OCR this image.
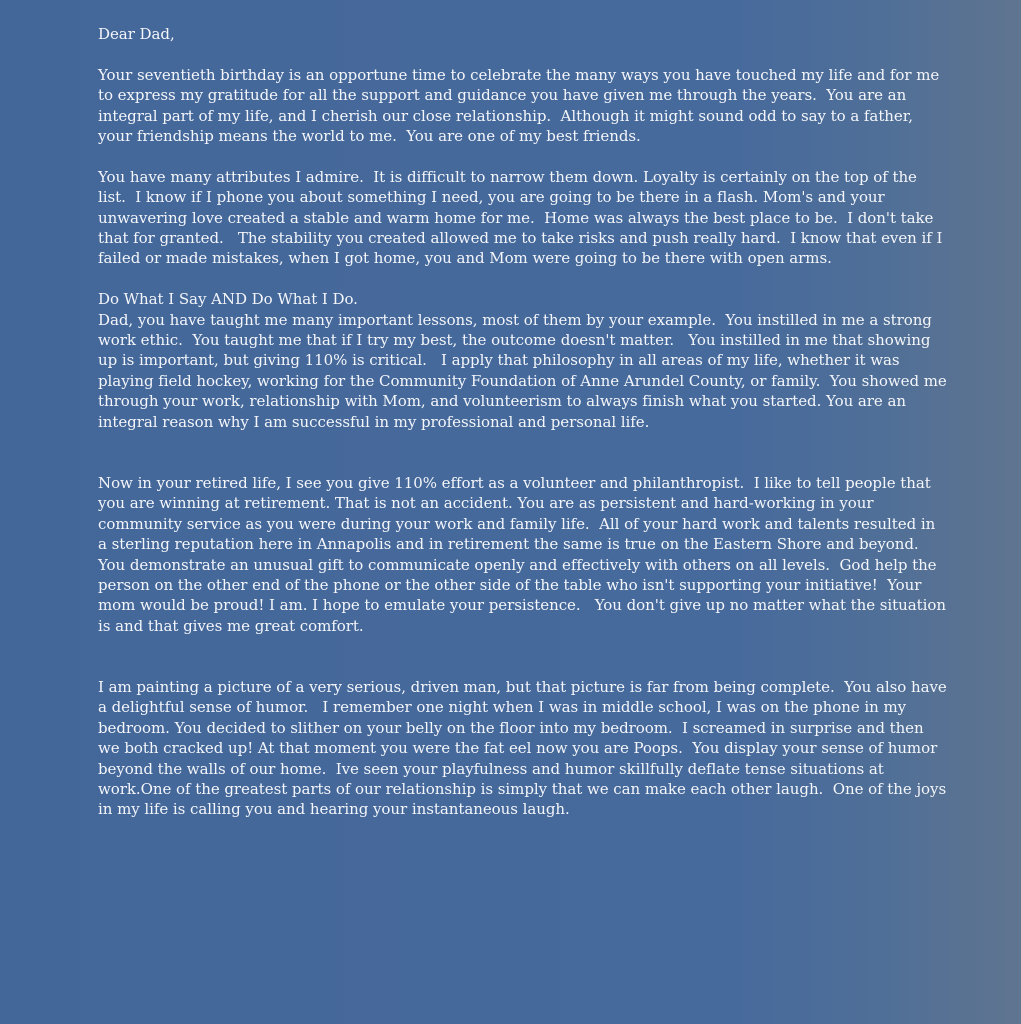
Dear Dad,

Your seventieth birthday is an opportune time to celebrate the many ways you have touched my life and for me to express my gratitude for all the support and guidance you have given me through the years.  You are an integral part of my life, and I cherish our close relationship.  Although it might sound odd to say to a father, your friendship means the world to me.  You are one of my best friends.

You have many attributes I admire.  It is difficult to narrow them down. Loyalty is certainly on the top of the list.  I know if I phone you about something I need, you are going to be there in a flash. Mom's and your unwavering love created a stable and warm home for me.  Home was always the best place to be.  I don't take that for granted.   The stability you created allowed me to take risks and push really hard.  I know that even if I failed or made mistakes, when I got home, you and Mom were going to be there with open arms.

Do What I Say AND Do What I Do.

Dad, you have taught me many important lessons, most of them by your example.  You instilled in me a strong work ethic.  You taught me that if I try my best, the outcome doesn't matter.   You instilled in me that showing up is important, but giving 110% is critical.   I apply that philosophy in all areas of my life, whether it was playing field hockey, working for the Community Foundation of Anne Arundel County, or family.  You showed me through your work, relationship with Mom, and volunteerism to always finish what you started. You are an integral reason why I am successful in my professional and personal life.

Now in your retired life, I see you give 110% effort as a volunteer and philanthropist.  I like to tell people that you are winning at retirement. That is not an accident. You are as persistent and hard-working in your community service as you were during your work and family life.  All of your hard work and talents resulted in a sterling reputation here in Annapolis and in retirement the same is true on the Eastern Shore and beyond. You demonstrate an unusual gift to communicate openly and effectively with others on all levels.  God help the person on the other end of the phone or the other side of the table who isn't supporting your initiative!  Your mom would be proud! I am. I hope to emulate your persistence.   You don't give up no matter what the situation is and that gives me great comfort.

I am painting a picture of a very serious, driven man, but that picture is far from being complete.  You also have a delightful sense of humor.   I remember one night when I was in middle school, I was on the phone in my bedroom. You decided to slither on your belly on the floor into my bedroom.  I screamed in surprise and then we both cracked up! At that moment you were the fat eel now you are Poops.  You display your sense of humor beyond the walls of our home.  Ive seen your playfulness and humor skillfully deflate tense situations at work.One of the greatest parts of our relationship is simply that we can make each other laugh.  One of the joys in my life is calling you and hearing your instantaneous laugh.
